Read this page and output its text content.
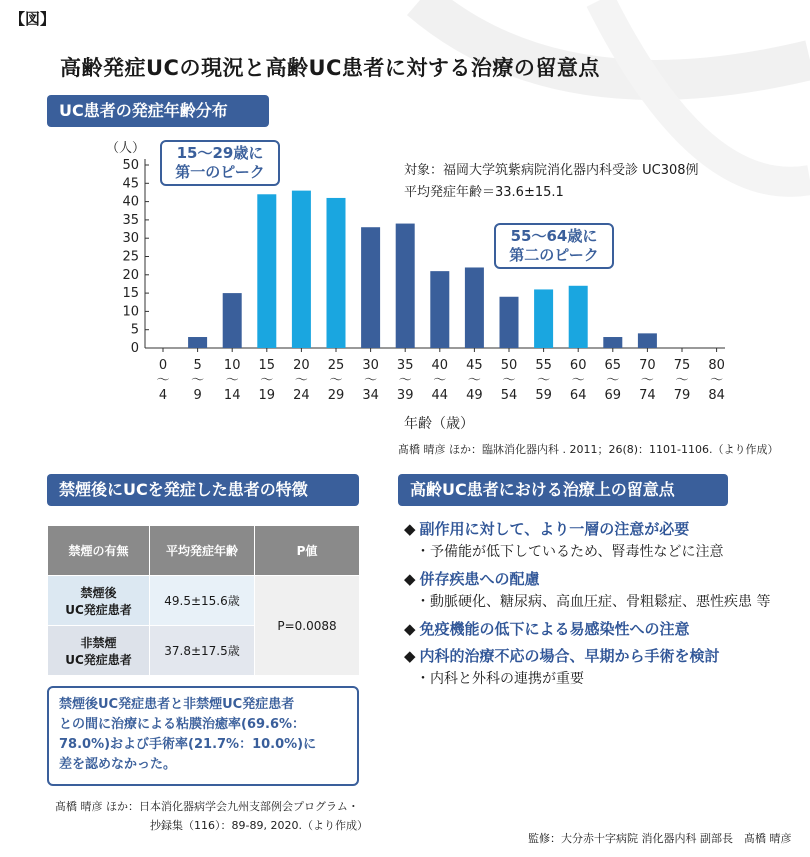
【図】
高齢発症UCの現況と高齢UC患者に対する治療の留意点
UC患者の発症年齢分布
0
5
10
15
20
25
30
35
40
45
50
（人）
0
〜
4
5
〜
9
10
〜
14
15
〜
19
20
〜
24
25
〜
29
30
〜
34
35
〜
39
40
〜
44
45
〜
49
50
〜
54
55
〜
59
60
〜
64
65
〜
69
70
〜
74
75
〜
79
80
〜
84
年齢（歳）
15〜29歳に
第一のピーク
55〜64歳に
第二のピーク
対象：福岡大学筑紫病院消化器内科受診 UC308例
平均発症年齢＝33.6±15.1
髙橋 晴彦 ほか：臨牀消化器内科 . 2011；26(8)：1101-1106.（より作成）
禁煙後にUCを発症した患者の特徴
禁煙の有無	平均発症年齢	P値

禁煙後
UC発症患者	49.5±15.6歳	P=0.0088

非禁煙
UC発症患者	37.8±17.5歳	
禁煙後UC発症患者と非禁煙UC発症患者
との間に治療による粘膜治癒率(69.6%：
78.0%)および手術率(21.7%：10.0%)に
差を認めなかった。
髙橋 晴彦 ほか：日本消化器病学会九州支部例会プログラム・
抄録集（116）：89-89, 2020.（より作成）
高齢UC患者における治療上の留意点
◆ 副作用に対して、より一層の注意が必要
・予備能が低下しているため、腎毒性などに注意
◆ 併存疾患への配慮
・動脈硬化、糖尿病、高血圧症、骨粗鬆症、悪性疾患 等
◆ 免疫機能の低下による易感染性への注意
◆ 内科的治療不応の場合、早期から手術を検討
・内科と外科の連携が重要
監修：大分赤十字病院 消化器内科 副部長　髙橋 晴彦
